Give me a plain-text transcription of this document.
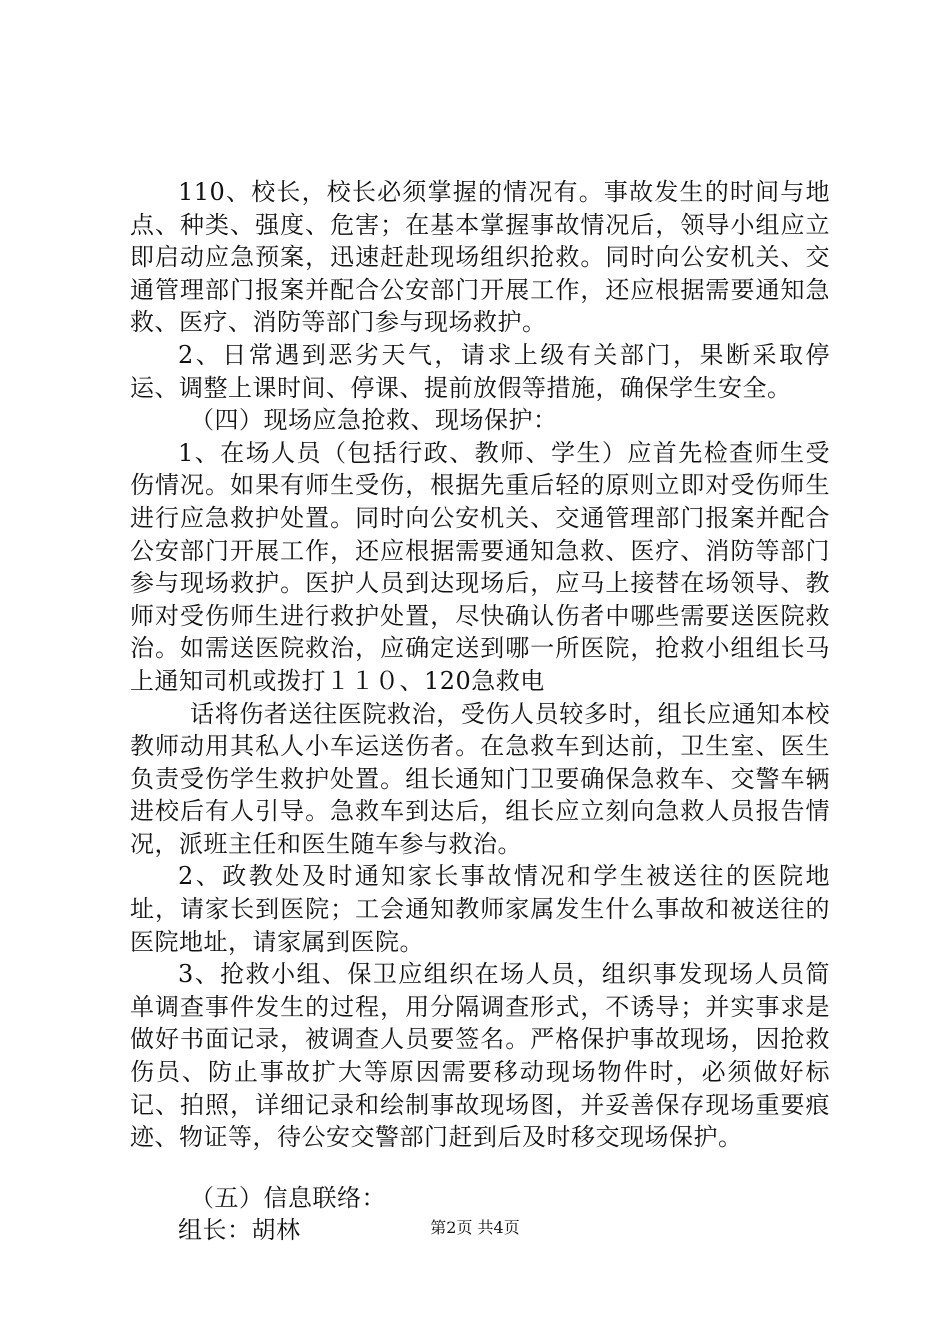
110、校长，校长必须掌握的情况有。事故发生的时间与地点、种类、强度、危害；在基本掌握事故情况后，领导小组应立即启动应急预案，迅速赶赴现场组织抢救。同时向公安机关、交通管理部门报案并配合公安部门开展工作，还应根据需要通知急救、医疗、消防等部门参与现场救护。

2、日常遇到恶劣天气，请求上级有关部门，果断采取停运、调整上课时间、停课、提前放假等措施，确保学生安全。

（四）现场应急抢救、现场保护：

1、在场人员（包括行政、教师、学生）应首先检查师生受伤情况。如果有师生受伤，根据先重后轻的原则立即对受伤师生进行应急救护处置。同时向公安机关、交通管理部门报案并配合公安部门开展工作，还应根据需要通知急救、医疗、消防等部门参与现场救护。医护人员到达现场后，应马上接替在场领导、教师对受伤师生进行救护处置，尽快确认伤者中哪些需要送医院救治。如需送医院救治，应确定送到哪一所医院，抢救小组组长马上通知司机或拨打１１０、120急救电

话将伤者送往医院救治，受伤人员较多时，组长应通知本校教师动用其私人小车运送伤者。在急救车到达前，卫生室、医生负责受伤学生救护处置。组长通知门卫要确保急救车、交警车辆进校后有人引导。急救车到达后，组长应立刻向急救人员报告情况，派班主任和医生随车参与救治。

2、政教处及时通知家长事故情况和学生被送往的医院地址，请家长到医院；工会通知教师家属发生什么事故和被送往的医院地址，请家属到医院。

3、抢救小组、保卫应组织在场人员，组织事发现场人员简单调查事件发生的过程，用分隔调查形式，不诱导；并实事求是做好书面记录，被调查人员要签名。严格保护事故现场，因抢救伤员、防止事故扩大等原因需要移动现场物件时，必须做好标记、拍照，详细记录和绘制事故现场图，并妥善保存现场重要痕迹、物证等，待公安交警部门赶到后及时移交现场保护。

（五）信息联络：

组长：胡林	第2页 共4页
